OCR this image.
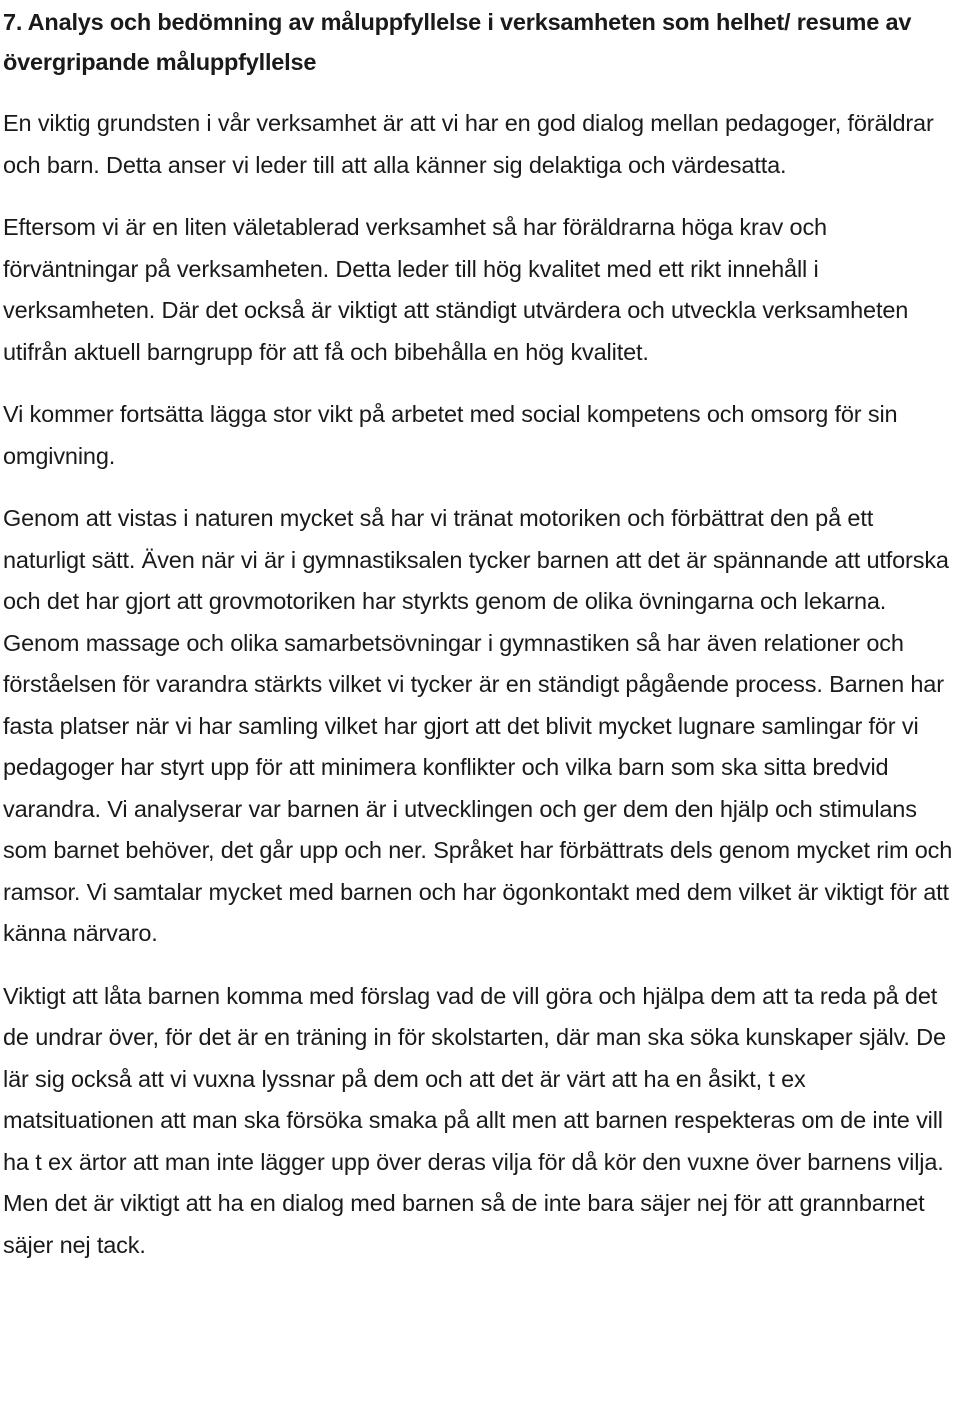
7. Analys och bedömning av måluppfyllelse i verksamheten som helhet/ resume av övergripande måluppfyllelse

En viktig grundsten i vår verksamhet är att vi har en god dialog mellan pedagoger, föräldrar och barn. Detta anser vi leder till att alla känner sig delaktiga och värdesatta.

Eftersom vi är en liten väletablerad verksamhet så har föräldrarna höga krav och förväntningar på verksamheten. Detta leder till hög kvalitet med ett rikt innehåll i verksamheten. Där det också är viktigt att ständigt utvärdera och utveckla verksamheten utifrån aktuell barngrupp för att få och bibehålla en hög kvalitet.

Vi kommer fortsätta lägga stor vikt på arbetet med social kompetens och omsorg för sin omgivning.

Genom att vistas i naturen mycket så har vi tränat motoriken och förbättrat den på ett naturligt sätt. Även när vi är i gymnastiksalen tycker barnen att det är spännande att utforska och det har gjort att grovmotoriken har styrkts genom de olika övningarna och lekarna. Genom massage och olika samarbetsövningar i gymnastiken så har även relationer och förståelsen för varandra stärkts vilket vi tycker är en ständigt pågående process. Barnen har fasta platser när vi har samling vilket har gjort att det blivit mycket lugnare samlingar för vi pedagoger har styrt upp för att minimera konflikter och vilka barn som ska sitta bredvid varandra. Vi analyserar var barnen är i utvecklingen och ger dem den hjälp och stimulans som barnet behöver, det går upp och ner. Språket har förbättrats dels genom mycket rim och ramsor. Vi samtalar mycket med barnen och har ögonkontakt med dem vilket är viktigt för att känna närvaro.

Viktigt att låta barnen komma med förslag vad de vill göra och hjälpa dem att ta reda på det de undrar över, för det är en träning in för skolstarten, där man ska söka kunskaper själv. De lär sig också att vi vuxna lyssnar på dem och att det är värt att ha en åsikt, t ex matsituationen att man ska försöka smaka på allt men att barnen respekteras om de inte vill ha t ex ärtor att man inte lägger upp över deras vilja för då kör den vuxne över barnens vilja. Men det är viktigt att ha en dialog med barnen så de inte bara säjer nej för att grannbarnet säjer nej tack.
